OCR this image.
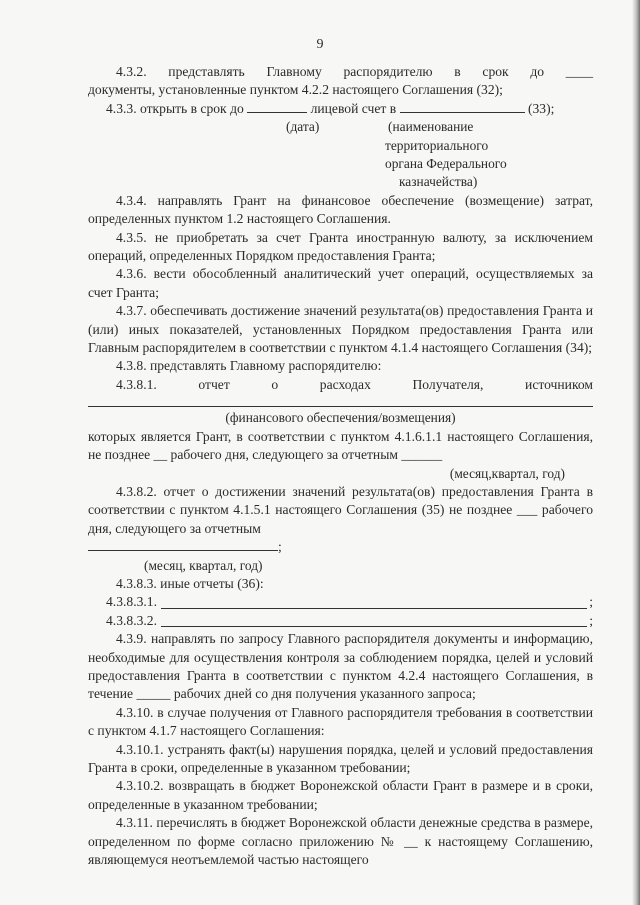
9

4.3.2. представлять Главному распорядителю в срок до ____

документы, установленные пунктом 4.2.2 настоящего Соглашения (32);

4.3.3. открыть в срок до	лицевой счет в	(33);

(дата)	(наименование
территориального
органа Федерального
казначейства)

4.3.4. направлять Грант на финансовое обеспечение (возмещение) затрат, определенных пунктом 1.2 настоящего Соглашения.

4.3.5. не приобретать за счет Гранта иностранную валюту, за исключением операций, определенных Порядком предоставления Гранта;

4.3.6. вести обособленный аналитический учет операций, осуществляемых за счет Гранта;

4.3.7. обеспечивать достижение значений результата(ов) предоставления Гранта и (или) иных показателей, установленных Порядком предоставления Гранта или Главным распорядителем в соответствии с пунктом 4.1.4 настоящего Соглашения (34);

4.3.8. представлять Главному распорядителю:

4.3.8.1. отчет о расходах Получателя, источником

(финансового обеспечения/возмещения)

которых является Грант, в соответствии с пунктом 4.1.6.1.1 настоящего Соглашения, не позднее __ рабочего дня, следующего за отчетным ______

(месяц,квартал, год)

4.3.8.2. отчет о достижении значений результата(ов) предоставления Гранта в соответствии с пунктом 4.1.5.1 настоящего Соглашения (35) не позднее ___ рабочего дня, следующего за отчетным

;

(месяц, квартал, год)

4.3.8.3. иные отчеты (36):

4.3.8.3.1.	;
4.3.8.3.2.	;

4.3.9. направлять по запросу Главного распорядителя документы и информацию, необходимые для осуществления контроля за соблюдением порядка, целей и условий предоставления Гранта в соответствии с пунктом 4.2.4 настоящего Соглашения, в течение _____ рабочих дней со дня получения указанного запроса;

4.3.10. в случае получения от Главного распорядителя требования в соответствии с пунктом 4.1.7 настоящего Соглашения:

4.3.10.1. устранять факт(ы) нарушения порядка, целей и условий предоставления Гранта в сроки, определенные в указанном требовании;

4.3.10.2. возвращать в бюджет Воронежской области Грант в размере и в сроки, определенные в указанном требовании;

4.3.11. перечислять в бюджет Воронежской области денежные средства в размере, определенном по форме согласно приложению № __ к настоящему Соглашению, являющемуся неотъемлемой частью настоящего
